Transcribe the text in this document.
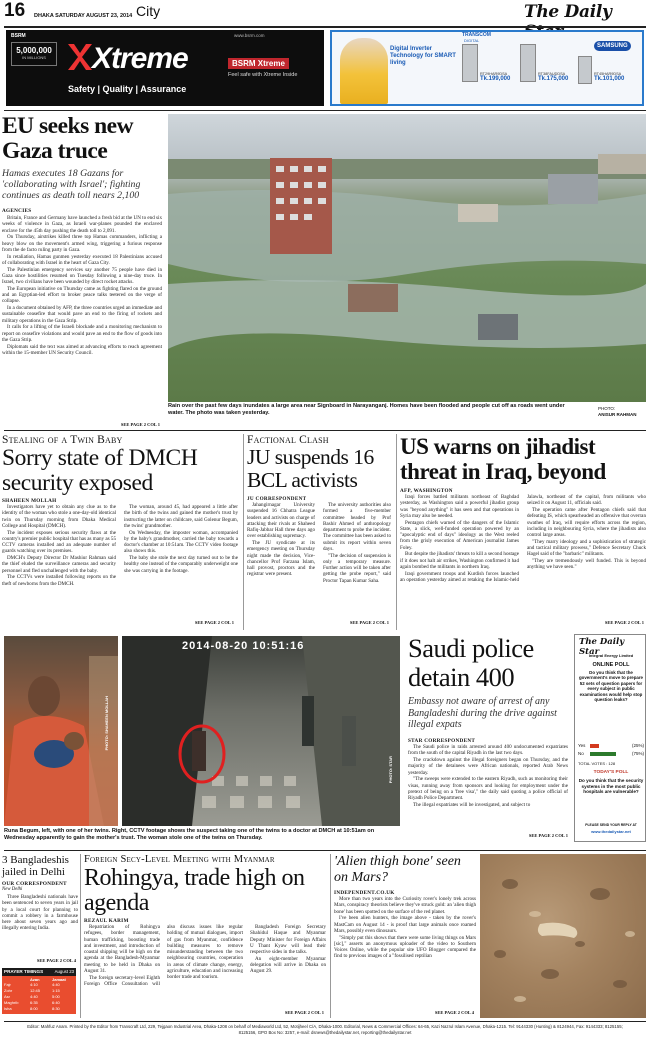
16 DHAKA SATURDAY AUGUST 23, 2014 City	The Daily
BSRM	www.bsrm.com
5,000,000
IN MILLIONS	Xtreme
Safety | Quality | Assurance
BSRM Xtreme
Feel safe with Xtreme Inside
TRANSCOM
DIGITAL
Digital Inverter Technology for SMART living
SAMSUNG
RT29HAR9DSA
Tk.199,000
RT38FAUDDSA
Tk.175,000
RT45HAR9DSA
Tk.101,000
EU seeks new Gaza truce
Hamas executes 18 Gazans for 'collaborating with Israel'; fighting continues as death toll nears 2,100
AGENCIES

Britain, France and Germany have launched a fresh bid at the UN to end six weeks of violence in Gaza, as Israeli war-planes pounded the enclaved enclave for the 45th day pushing the death toll to 2,091.

On Thursday, airstrikes killed three top Hamas commanders, inflicting a heavy blow on the movement's armed wing, triggering a furious response from the de facto ruling party in Gaza.

In retaliation, Hamas gunmen yesterday executed 18 Palestinians accused of collaborating with Israel in the heart of Gaza City.

The Palestinian emergency services say another 75 people have died in Gaza since hostilities resumed on Tuesday following a nine-day truce. In Israel, two civilians have been wounded by direct rocket attacks.

The European initiative on Thursday came as fighting flared on the ground and an Egyptian-led effort to broker peace talks teetered on the verge of collapse.

In a document obtained by AFP, the three countries urged an immediate and sustainable ceasefire that would pave an end to the firing of rockets and military operations in the Gaza Strip.

It calls for a lifting of the Israeli blockade and a monitoring mechanism to report on ceasefire violations and would pave an end to the flow of goods into the Gaza Strip.

Diplomats said the text was aimed at advancing efforts to reach agreement within the 15-member UN Security Council.

SEE PAGE 2 COL 1
Rain over the past few days inundates a large area near Signboard in Narayanganj. Homes have been flooded and people cut off as roads went under water. The photo was taken yesterday.
PHOTO:
ANISUR RAHMAN
Stealing of a Twin Baby
Sorry state of DMCH security exposed
SHAHEEN MOLLAH

Investigators have yet to obtain any clue as to the identity of the woman who stole a one-day-old identical twin on Thursday morning from Dhaka Medical College and Hospital (DMCH).

The incident exposes serious security flaws at the country's premier public hospital that has as many as 55 CCTV cameras installed and an adequate number of guards watching over its premises.

DMCH's Deputy Director Dr Mashiur Rahman said the thief eluded the surveillance cameras and security personnel and fled unchallenged with the baby.

The CCTVs were installed following reports on the theft of newborns from the DMCH.

The woman, around 45, had appeared a little after the birth of the twins and gained the mother's trust by instructing the latter on childcare, said Golenur Begum, the twins' grandmother.

On Wednesday, the imposter woman, accompanied by the baby's grandmother, carried the baby towards a doctor's chamber at 10:51am. The CCTV video footage also shows this.

The baby she stole the next day turned out to be the healthy one instead of the comparably underweight one she was carrying in the footage.

SEE PAGE 2 COL 1
Factional Clash
JU suspends 16 BCL activists
JU CORRESPONDENT

Jahangirnagar University suspended 16 Chhatra League leaders and activists on charge of attacking their rivals at Shaheed Rafiq-Jabbar Hall three days ago over establishing supremacy.

The JU syndicate at its emergency meeting on Thursday night made the decision, Vice-chancellor Prof Farzana Islam, hall provost, proctors and the registrar were present.

The university authorities also formed a five-member committee headed by Prof Bashir Ahmed of anthropology department to probe the incident. The committee has been asked to submit its report within seven days.

"The decision of suspension is only a temporary measure. Further action will be taken after getting the probe report," said Proctor Tapan Kumar Saha.

SEE PAGE 2 COL 1
US warns on jihadist threat in Iraq, beyond
AFP, WASHINGTON

Iraqi forces battled militants northeast of Baghdad yesterday, as Washington said a powerful jihadist group was "beyond anything" it has seen and that operations in Syria may also be needed.

Pentagon chiefs warned of the dangers of the Islamic State, a slick, well-funded operation powered by an "apocalyptic end of days" ideology as the West reeled from the grisly execution of American journalist James Foley.

But despite the jihadists' threats to kill a second hostage if it does not halt air strikes, Washington confirmed it had again bombed the militants in northern Iraq.

Iraqi government troops and Kurdish forces launched an operation yesterday aimed at retaking the Islamic-held Jalawla, northeast of the capital, from militants who seized it on August 11, officials said.

The operation came after Pentagon chiefs said that defeating IS, which spearheaded an offensive that overran swathes of Iraq, will require efforts across the region, including in neighbouring Syria, where the jihadists also control large areas.

"They marry ideology and a sophistication of strategic and tactical military prowess," Defence Secretary Chuck Hagel said of the "barbaric" militants.

"They are tremendously well funded. This is beyond anything we have seen."

SEE PAGE 2 COL 1
PHOTO: SHAHEEN MOLLAH
2014-08-20 10:51:16
PHOTO: STAR
Runa Begum, left, with one of her twins. Right, CCTV footage shows the suspect taking one of the twins to a doctor at DMCH at 10:51am on Wednesday apparently to gain the mother's trust. The woman stole one of the twins on Thursday.
Saudi police detain 400
Embassy not aware of arrest of any Bangladeshi during the drive against illegal expats
STAR CORRESPONDENT

The Saudi police in raids arrested around 400 undocumented expatriates from the south of the capital Riyadh in the last two days.

The crackdown against the illegal foreigners began on Thursday, and the majority of the detainees were African nationals, reported Arab News yesterday.

"The sweeps were extended to the eastern Riyadh, such as monitoring their visas, running away from sponsors and looking for employment under the pretext of being on a 'free visa'," the daily said quoting a police official of Riyadh Police Department.

The illegal expatriates will be investigated, and subject to

SEE PAGE 2 COL 1
The Daily Star
Integral Energy Limited
ONLINE POLL
Do you think that the government's move to prepare 52 sets of question papers for every subject in public examinations would help stop question leaks?
Yes	(25%)
No	(75%)
TOTAL VOTES : 128
TODAY'S POLL
Do you think that the security systems in the most public hospitals are vulnerable?
PLEASE SEND YOUR REPLY AT
www.thedailystar.net
3 Bangladeshis jailed in Delhi
OUR CORRESPONDENT
New Delhi

Three Bangladeshi nationals have been sentenced to seven years in jail by a local court for planning to commit a robbery in a farmhouse here about seven years ago and illegally entering India.

SEE PAGE 2 COL 4
PRAYER TIMINGS	August 23
Azan	Jamaat
Fajr	4:10	4:40
Zohr	12:45	1:15
Asr	4:40	5:00
Maghrib	6:35	6:40
Isha	8:00	8:30
Foreign Secy-Level Meeting with Myanmar
Rohingya, trade high on agenda
REZAUL KARIM

Repatriation of Rohingya refugees, border management, human trafficking, boosting trade and investment, and introduction of coastal shipping will be high on the agenda at the Bangladesh-Myanmar meeting to be held in Dhaka on August 31.

The foreign secretary-level Eighth Foreign Office Consultation will also discuss issues like regular holding of mutual dialogues, import of gas from Myanmar, confidence building measures to remove misunderstanding between the two neighbouring countries, cooperation in areas of climate change, energy, agriculture, education and increasing border trade and tourism.

Bangladesh Foreign Secretary Shahidul Haque and Myanmar Deputy Minister for Foreign Affairs U Thant Kyaw will lead their respective sides in the talks.

An eight-member Myanmar delegation will arrive in Dhaka on August 29.

SEE PAGE 2 COL 1
'Alien thigh bone' seen on Mars?
INDEPENDENT.CO.UK

More than two years into the Curiosity rover's lonely trek across Mars, conspiracy theorists believe they've struck gold: an 'alien thigh bone' has been spotted on the surface of the red planet.

I've been alien hunters, the image above - taken by the rover's MastCam on August 14 - is proof that large animals once roamed Mars, possibly even dinosaurs.

"Simply put this shows that there were some living things on Mars [sic]," asserts an anonymous uploader of the video to Southern Voices Online, while the popular site UFO Blogger compared the find to previous images of a "fossilised reptilian

SEE PAGE 2 COL 4
Editor: Mahfuz Anam. Printed by the Editor from Transcraft Ltd, 229, Tejgaon Industrial Area, Dhaka-1208 on behalf of Mediaworld Ltd, 52, Motijheel C/A, Dhaka-1000. Editorial, News & Commercial Offices: 64-65, Kazi Nazrul Islam Avenue, Dhaka-1215. Tel: 9144330 (Hunting) & 8124944, Fax: 9144333; 8125155; 8125156, GPO Box No: 3257, e-mail: dsnews@thedailystar.net, reporting@thedailystar.net
